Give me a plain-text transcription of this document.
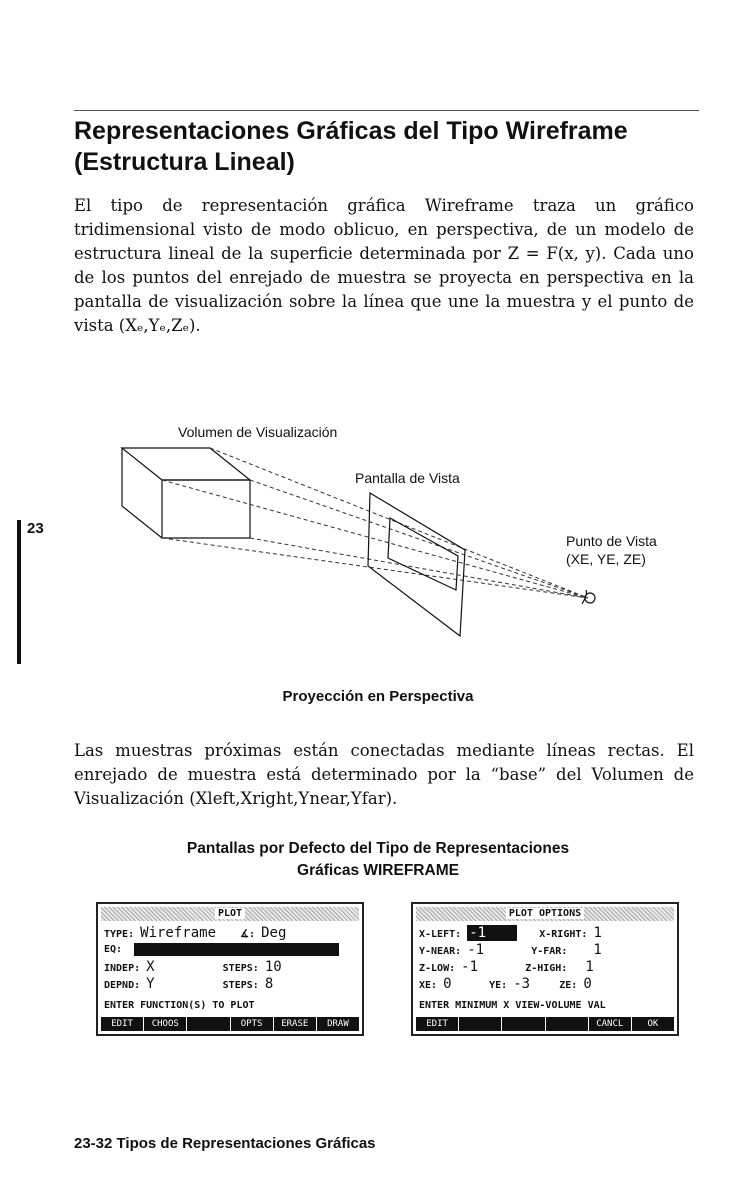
Representaciones Gráficas del Tipo Wireframe
(Estructura Lineal)

El tipo de representación gráfica Wireframe traza un gráfico tridimensional visto de modo oblicuo, en perspectiva, de un modelo de estructura lineal de la superficie determinada por Z = F(x, y). Cada uno de los puntos del enrejado de muestra se proyecta en perspectiva en la pantalla de visualización sobre la línea que une la muestra y el punto de vista (Xₑ,Yₑ,Zₑ).

23
Volumen de Visualización
Pantalla de Vista
Punto de Vista
(XE, YE, ZE)
Proyección en Perspectiva

Las muestras próximas están conectadas mediante líneas rectas. El enrejado de muestra está determinado por la “base” del Volumen de Visualización (Xleft,Xright,Ynear,Yfar).

Pantallas por Defecto del Tipo de Representaciones
Gráficas WIREFRAME
PLOT
TYPE: Wireframe ∡: Deg
EQ:
INDEP: X	STEPS: 10
DEPND: Y	STEPS: 8
ENTER FUNCTION(S) TO PLOT
EDIT	CHOOS	OPTS	ERASE	DRAW
PLOT OPTIONS
X-LEFT: -1	X-RIGHT: 1
Y-NEAR: -1	Y-FAR: 1
Z-LOW: -1	Z-HIGH: 1
XE: 0	YE: -3	ZE: 0
ENTER MINIMUM X VIEW-VOLUME VAL
EDIT	CANCL	OK
23-32 Tipos de Representaciones Gráficas
